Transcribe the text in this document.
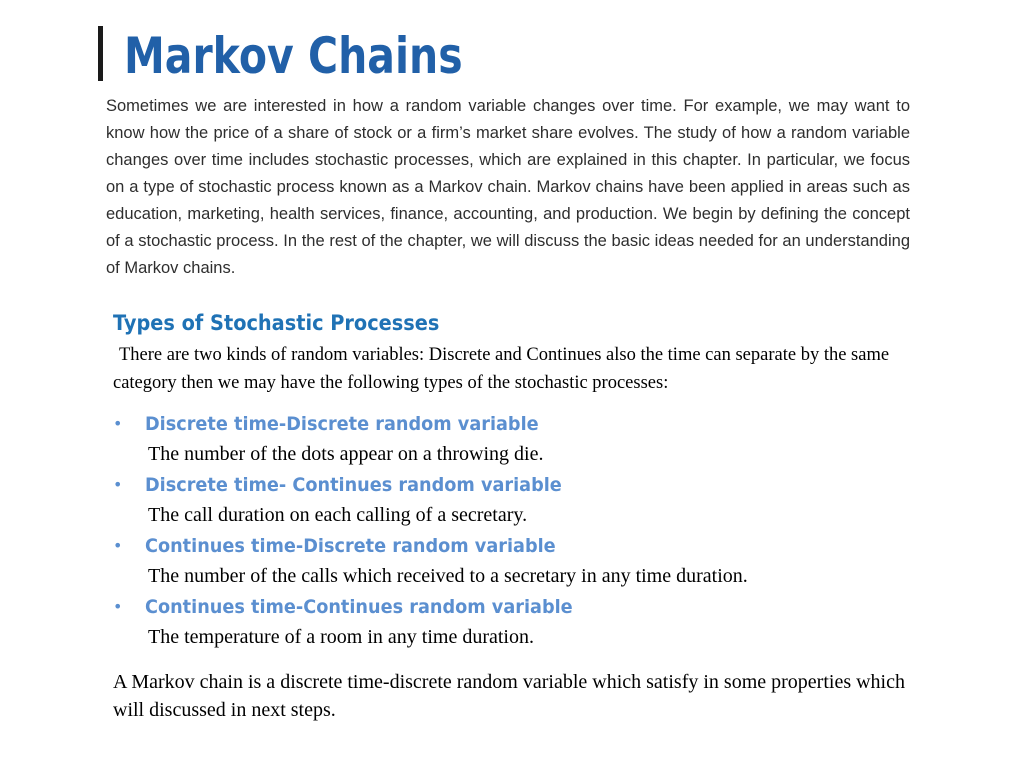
Markov Chains

Sometimes we are interested in how a random variable changes over time. For example, we may want to know how the price of a share of stock or a firm’s market share evolves. The study of how a random variable changes over time includes stochastic processes, which are explained in this chapter. In particular, we focus on a type of stochastic process known as a Markov chain. Markov chains have been applied in areas such as education, marketing, health services, finance, accounting, and production. We begin by defining the concept of a stochastic process. In the rest of the chapter, we will discuss the basic ideas needed for an understanding of Markov chains.

Types of Stochastic Processes

There are two kinds of random variables: Discrete and Continues also the time can separate by the same category then we may have the following types of the stochastic processes:

• Discrete time-Discrete random variable
The number of the dots appear on a throwing die.
• Discrete time- Continues random variable
The call duration on each calling of a secretary.
• Continues time-Discrete random variable
The number of the calls which received to a secretary in any time duration.
• Continues time-Continues random variable
The temperature of a room in any time duration.

A Markov chain is a discrete time-discrete random variable which satisfy in some properties which will discussed in next steps.
